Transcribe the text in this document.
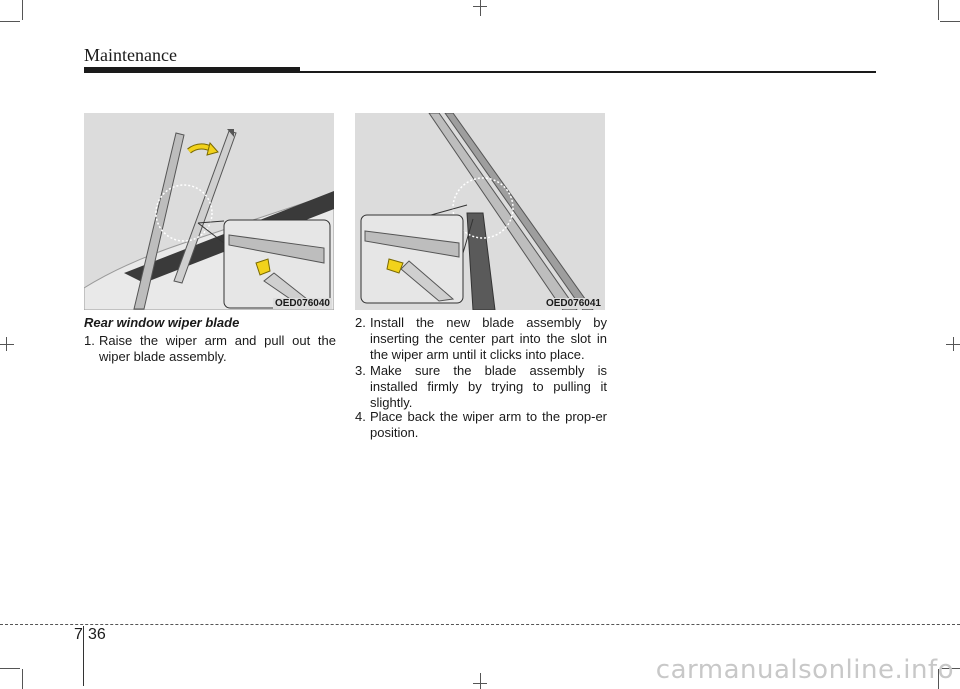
Maintenance
OED076040	OED076041
Rear window wiper blade
1. Raise the wiper arm and pull out the wiper blade assembly.
2. Install the new blade assembly by inserting the center part into the slot in the wiper arm until it clicks into place.
3. Make sure the blade assembly is installed firmly by trying to pulling it slightly.
4. Place back the wiper arm to the prop-er position.
7 36
carmanualsonline.info
